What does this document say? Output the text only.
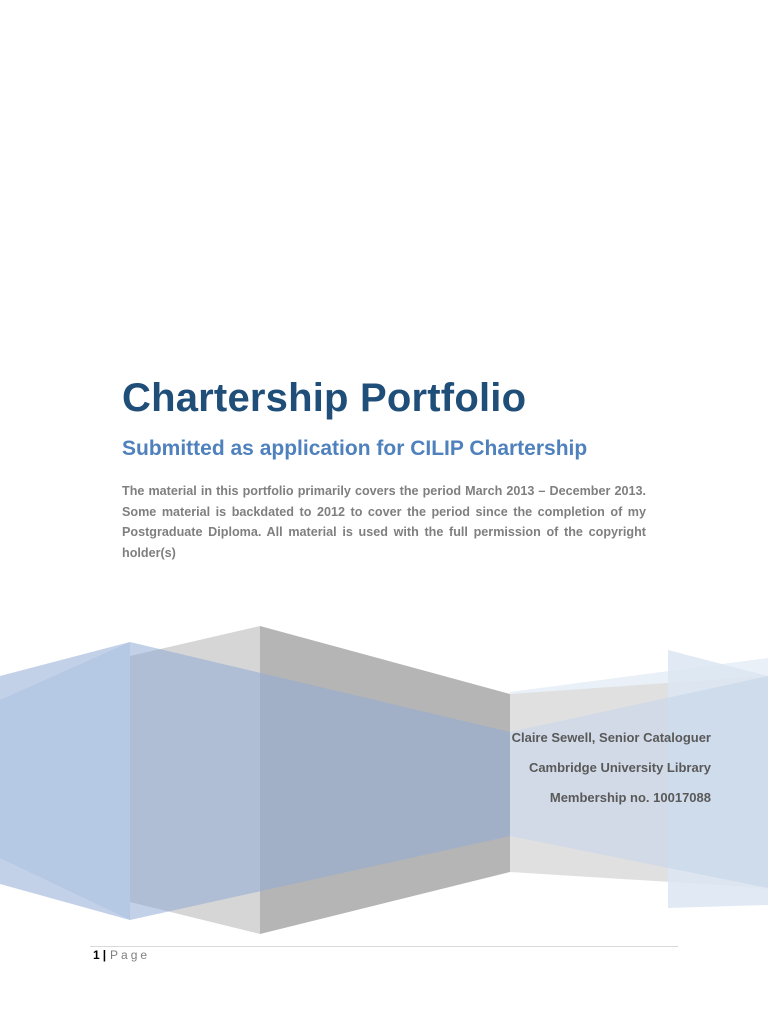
Chartership Portfolio
Submitted as application for CILIP Chartership

The material in this portfolio primarily covers the period March 2013 – December 2013. Some material is backdated to 2012 to cover the period since the completion of my Postgraduate Diploma. All material is used with the full permission of the copyright holder(s)

Claire Sewell, Senior Cataloguer
Cambridge University Library
Membership no. 10017088
1 | Page
